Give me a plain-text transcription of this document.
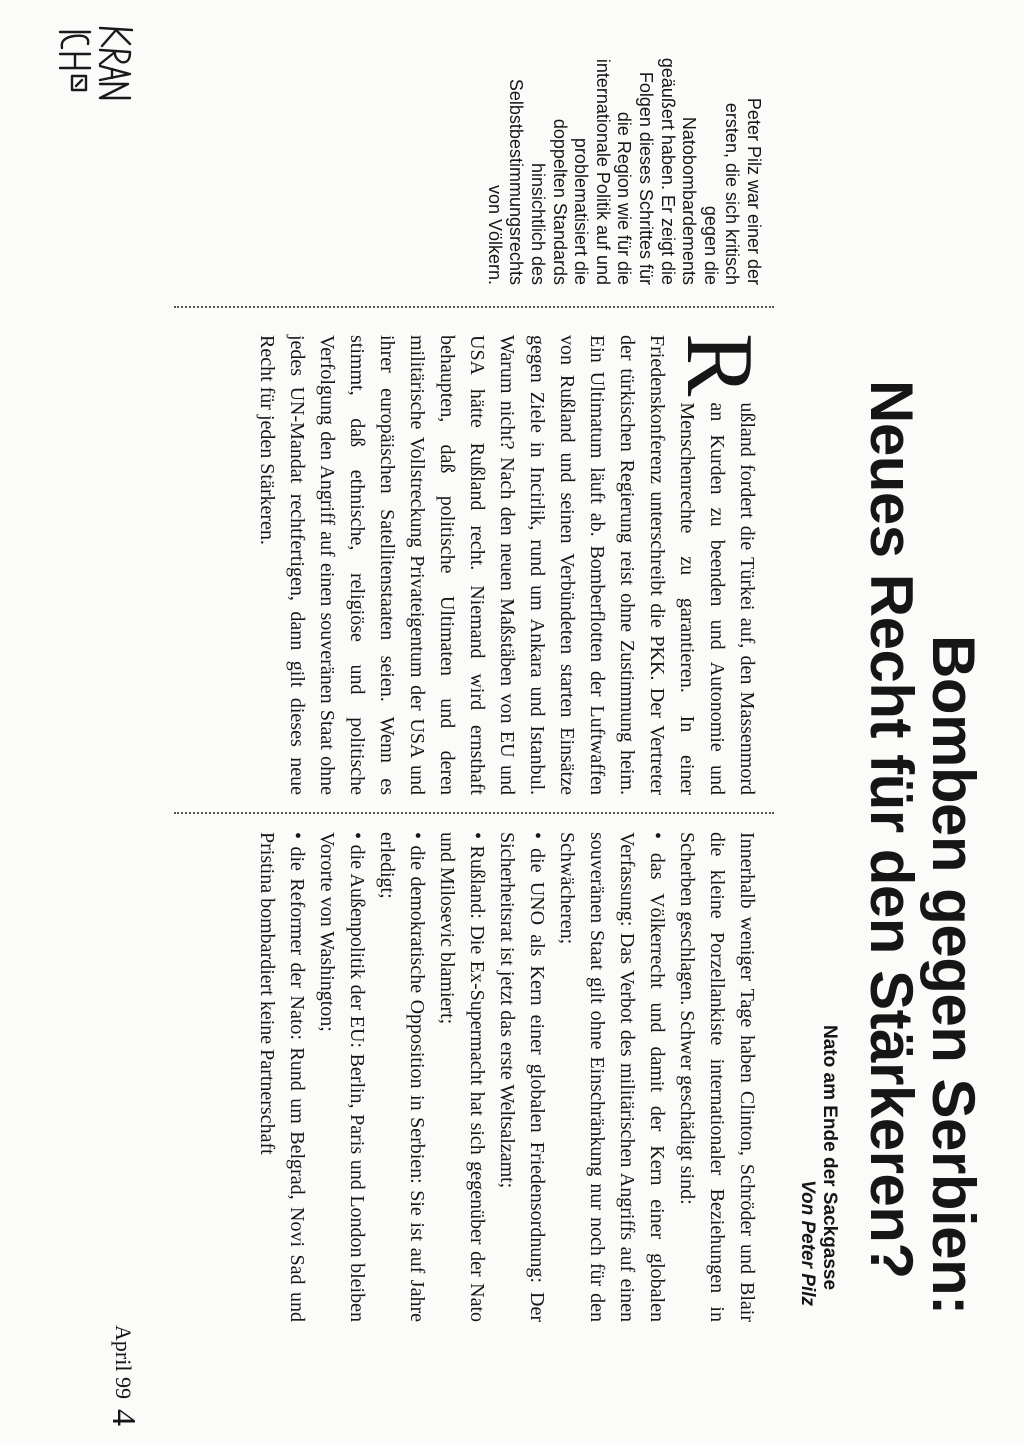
Bomben gegen Serbien:
Neues Recht für den Stärkeren?
Nato am Ende der Sackgasse
Von Peter Pilz

Peter Pilz war einer der ersten, die sich kritisch gegen die Natobombardements geäußert haben. Er zeigt die Folgen dieses Schrittes für die Region wie für die internationale Politik auf und problematisiert die doppelten Standards hinsichtlich des Selbstbestimmungsrechts von Völkern.

R
ußland fordert die Türkei auf, den Massenmord an Kurden zu beenden und Autonomie und Menschenrechte zu garantieren. In einer Friedenskonferenz unterschreibt die PKK. Der Vertreter der türkischen Regierung reist ohne Zustimmung heim. Ein Ultimatum läuft ab. Bomberflotten der Luftwaffen von Rußland und seinen Verbündeten starten Einsätze gegen Ziele in Incirlik, rund um Ankara und Istanbul. Warum nicht? Nach den neuen Maßstäben von EU und USA hätte Rußland recht. Niemand wird ernsthaft behaupten, daß politische Ultimaten und deren militärische Vollstreckung Privateigentum der USA und ihrer europäischen Satellitenstaaten seien. Wenn es stimmt, daß ethnische, religiöse und politische Verfolgung den Angriff auf einen souveränen Staat ohne jedes UN-Mandat rechtfertigen, dann gilt dieses neue Recht für jeden Stärkeren.

Innerhalb weniger Tage haben Clinton, Schröder und Blair die kleine Porzellankiste internationaler Beziehungen in Scherben geschlagen. Schwer geschädigt sind:

• das Völkerrecht und damit der Kern einer globalen Verfassung: Das Verbot des militärischen Angriffs auf einen souveränen Staat gilt ohne Einschränkung nur noch für den Schwächeren;

• die UNO als Kern einer globalen Friedensordnung: Der Sicherheitsrat ist jetzt das erste Weltsalzamt;

• Rußland: Die Ex-Supermacht hat sich gegenüber der Nato und Milosevic blamiert;

• die demokratische Opposition in Serbien: Sie ist auf Jahre erledigt;

• die Außenpolitik der EU: Berlin, Paris und London bleiben Vororte von Washington;

• die Reformer der Nato: Rund um Belgrad, Novi Sad und Pristina bombardiert keine Partnerschaft

April 994
